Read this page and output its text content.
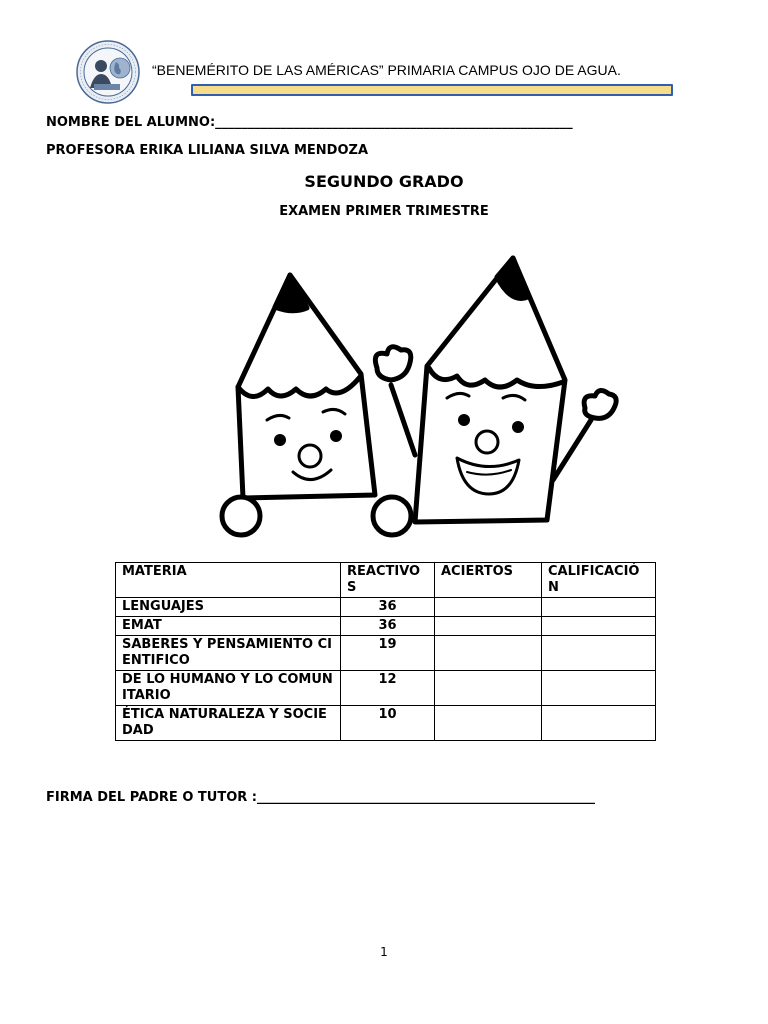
“BENEMÉRITO DE LAS AMÉRICAS” PRIMARIA CAMPUS OJO DE AGUA.
NOMBRE DEL ALUMNO:_______________________________________________________
PROFESORA ERIKA LILIANA SILVA MENDOZA
SEGUNDO GRADO
EXAMEN PRIMER TRIMESTRE
MATERIA	REACTIVOS	ACIERTOS	CALIFICACIÓN
LENGUAJES	36		
EMAT	36		
SABERES Y PENSAMIENTO CIENTIFICO	19		
DE LO HUMANO Y LO COMUNITARIO	12		
ÉTICA NATURALEZA Y SOCIEDAD	10		
FIRMA DEL PADRE O TUTOR :____________________________________________________
1
